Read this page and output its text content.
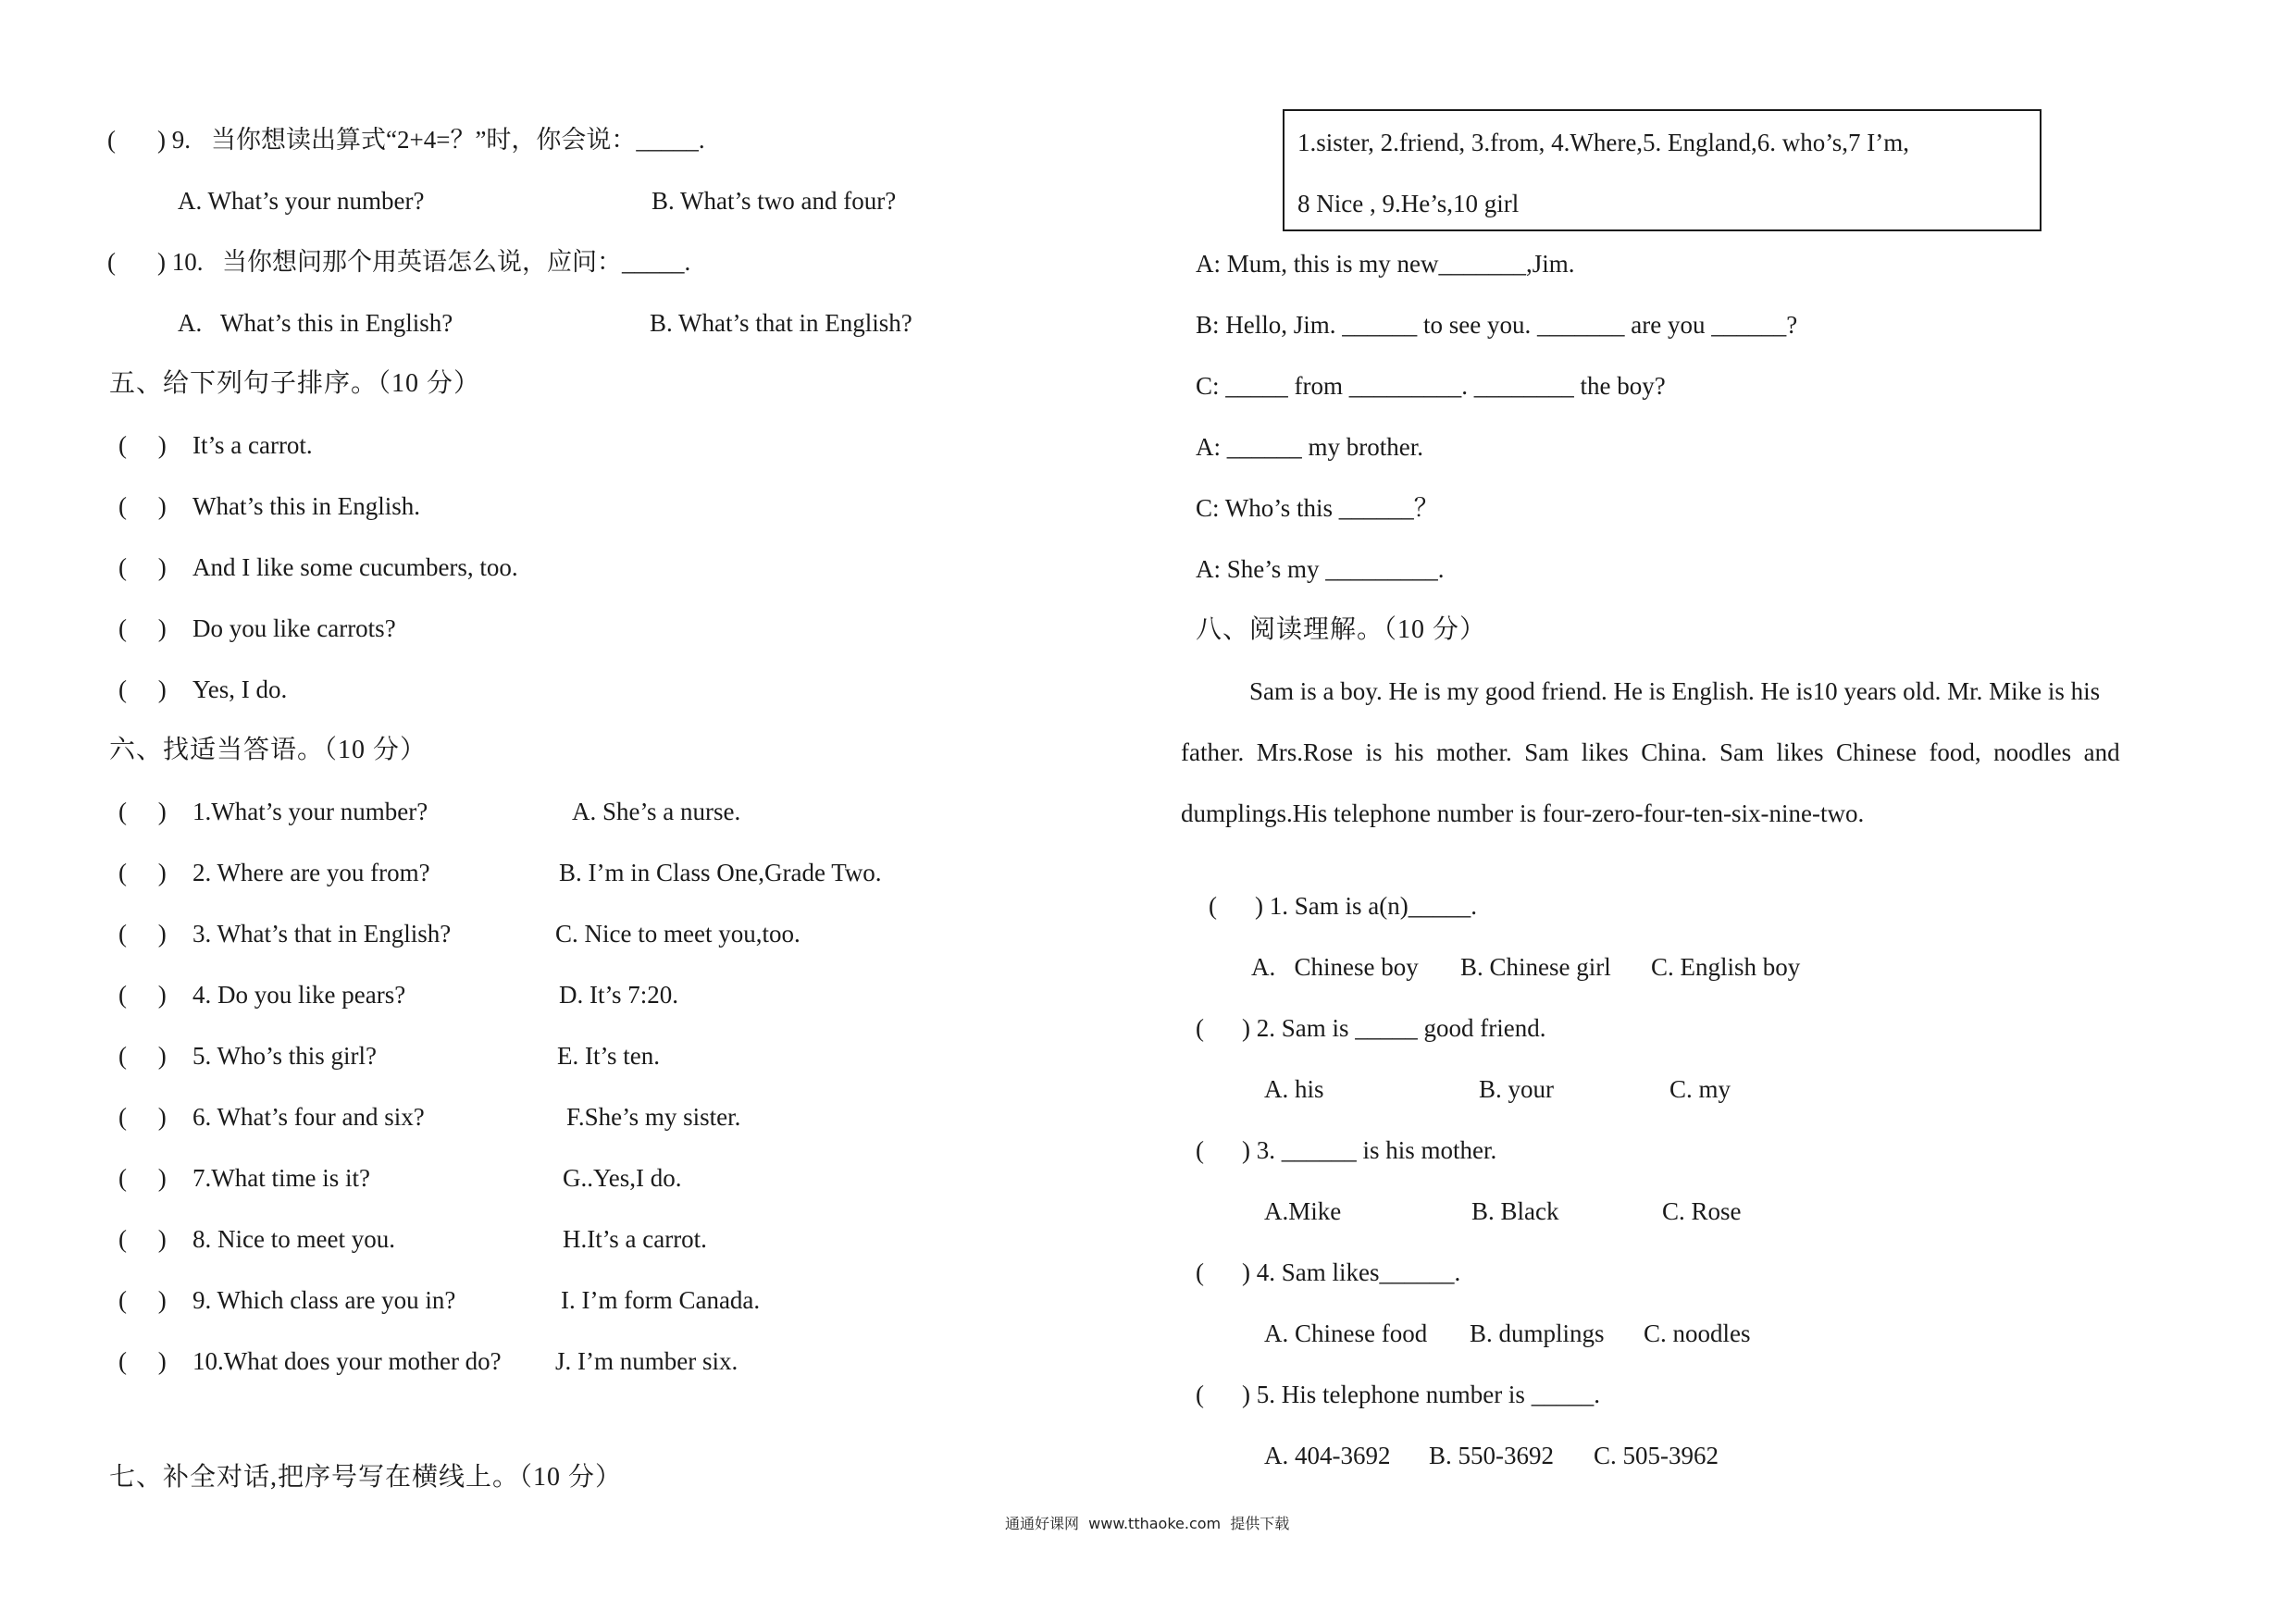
( ) 9. 当你想读出算式“2+4=？”时，你会说：_____.
A. What’s your number?	B. What’s two and four?
( ) 10. 当你想问那个用英语怎么说，应问：_____.
A.   What’s this in English?	B. What’s that in English?
五、给下列句子排序。（10 分）
(     ) It’s a carrot.
(     ) What’s this in English.
(     ) And I like some cucumbers, too.
(     ) Do you like carrots?
(     ) Yes, I do.
六、找适当答语。（10 分）
(     ) 1.What’s your number?	A. She’s a nurse.
(     ) 2. Where are you from?	B. I’m in Class One,Grade Two.
(     ) 3. What’s that in English?	C. Nice to meet you,too.
(     ) 4. Do you like pears?	D. It’s 7:20.
(     ) 5. Who’s this girl?	E. It’s ten.
(     ) 6. What’s four and six?	F.She’s my sister.
(     ) 7.What time is it?	G..Yes,I do.
(     ) 8. Nice to meet you.	H.It’s a carrot.
(     ) 9. Which class are you in?	I. I’m form Canada.
(     ) 10.What does your mother do? J. I’m number six.
七、补全对话,把序号写在横线上。（10 分）
1.sister, 2.friend, 3.from, 4.Where,5. England,6. who’s,7 I’m,
8 Nice , 9.He’s,10 girl
A: Mum, this is my new_______,Jim.
B: Hello, Jim. ______ to see you. _______ are you ______?
C: _____ from _________. ________ the boy?
A: ______ my brother.
C: Who’s this ______？
A: She’s my _________.
八、阅读理解。（10 分）
Sam is a boy. He is my good friend. He is English. He is10 years old. Mr. Mike is his
father.  Mrs.Rose  is  his  mother.  Sam  likes  China.  Sam  likes  Chinese  food,  noodles  and
dumplings.His telephone number is four-zero-four-ten-six-nine-two.
( ) 1. Sam is a(n)_____.
A.   Chinese boy B. Chinese girl C. English boy
( ) 2. Sam is _____ good friend.
A. his	B. your	C. my
( ) 3. ______ is his mother.
A.Mike	B. Black	C. Rose
( ) 4. Sam likes______.
A. Chinese food B. dumplings C. noodles
( ) 5. His telephone number is _____.
A. 404-3692 B. 550-3692 C. 505-3962
通通好课网  www.tthaoke.com  提供下载
